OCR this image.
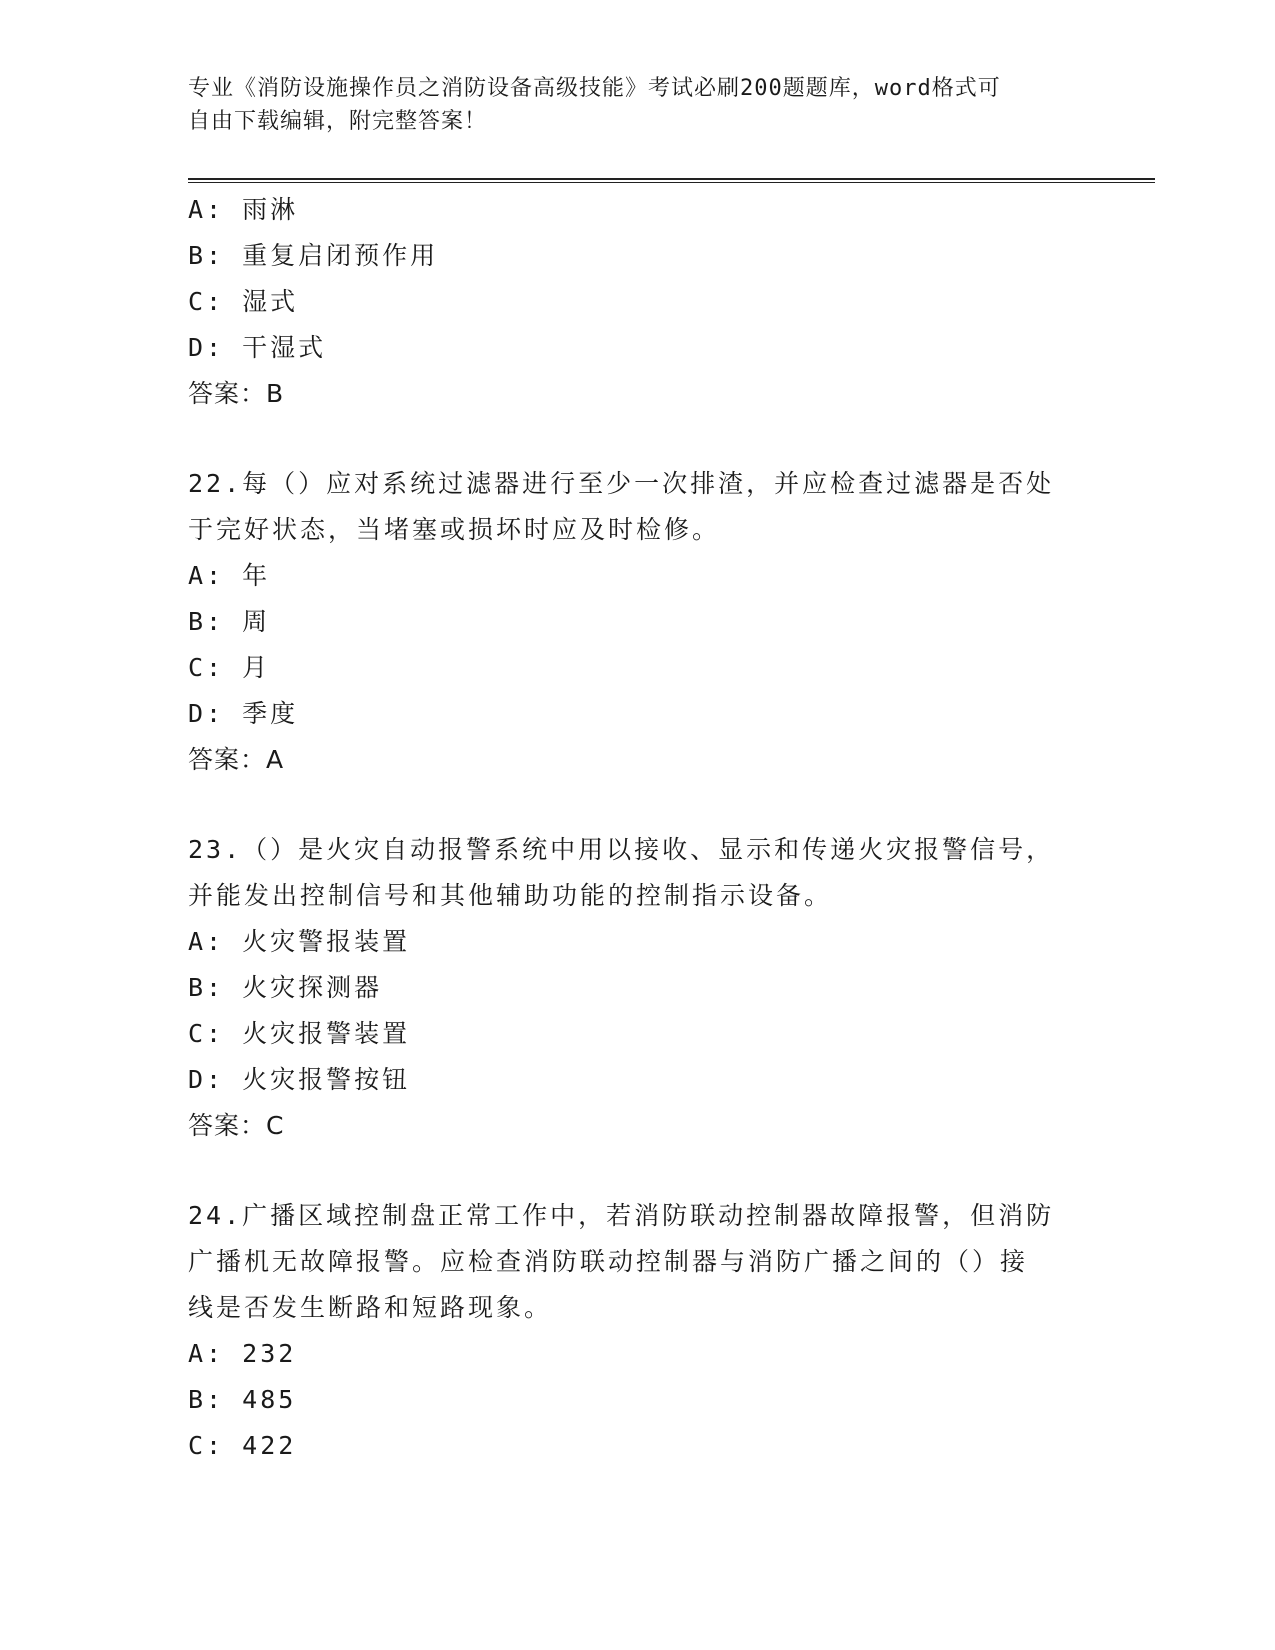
专业《消防设施操作员之消防设备高级技能》考试必刷200题题库，word格式可
自由下载编辑，附完整答案！
A: 雨淋
B: 重复启闭预作用
C: 湿式
D: 干湿式
答案：B
22.每（）应对系统过滤器进行至少一次排渣，并应检查过滤器是否处
于完好状态，当堵塞或损坏时应及时检修。
A: 年
B: 周
C: 月
D: 季度
答案：A
23.（）是火灾自动报警系统中用以接收、显示和传递火灾报警信号，
并能发出控制信号和其他辅助功能的控制指示设备。
A: 火灾警报装置
B: 火灾探测器
C: 火灾报警装置
D: 火灾报警按钮
答案：C
24.广播区域控制盘正常工作中，若消防联动控制器故障报警，但消防
广播机无故障报警。应检查消防联动控制器与消防广播之间的（）接
线是否发生断路和短路现象。
A: 232
B: 485
C: 422
